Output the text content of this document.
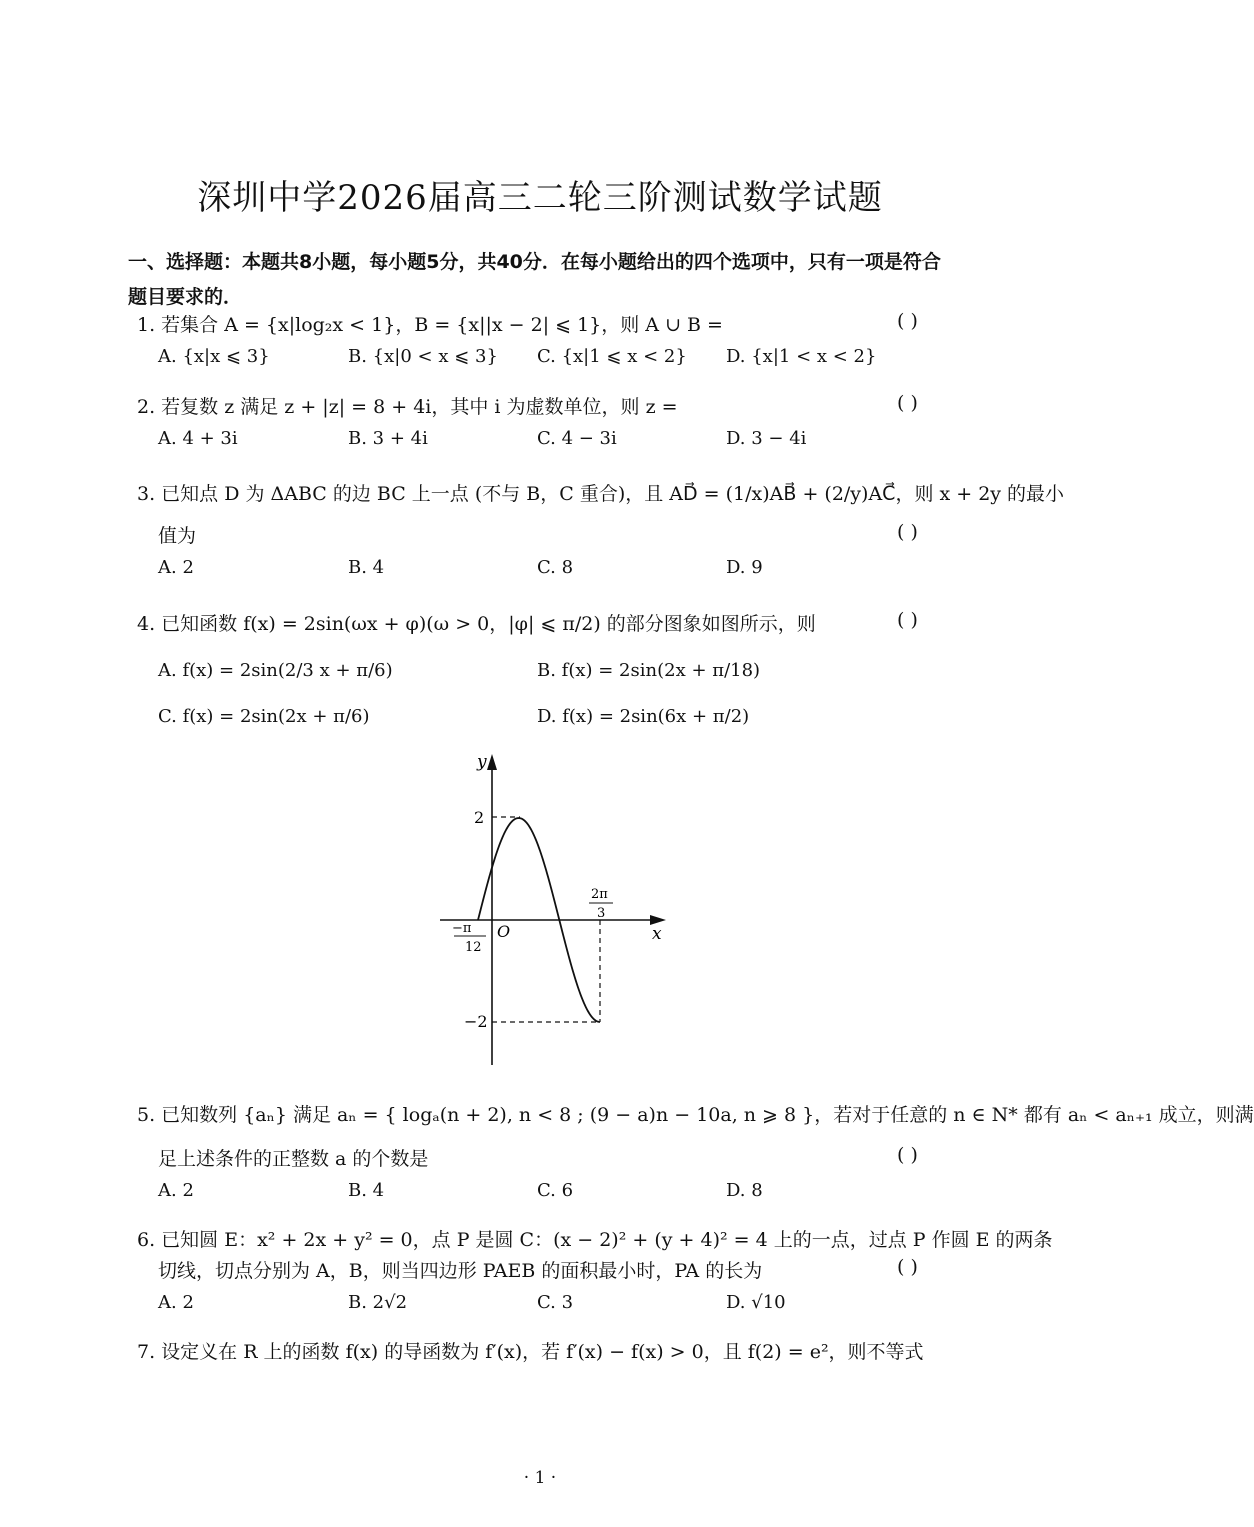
深圳中学2026届高三二轮三阶测试数学试题
一、选择题：本题共8小题，每小题5分，共40分．在每小题给出的四个选项中，只有一项是符合
题目要求的．
1. 若集合 A = {x|log₂x < 1}，B = {x||x − 2| ⩽ 1}，则 A ∪ B =	( )
A. {x|x ⩽ 3}	B. {x|0 < x ⩽ 3} C. {x|1 ⩽ x < 2} D. {x|1 < x < 2}
2. 若复数 z 满足 z + |z| = 8 + 4i，其中 i 为虚数单位，则 z =	( )
A. 4 + 3i	B. 3 + 4i	C. 4 − 3i	D. 3 − 4i
3. 已知点 D 为 ΔABC 的边 BC 上一点 (不与 B，C 重合)，且 AD⃗ = (1/x)AB⃗ + (2/y)AC⃗，则 x + 2y 的最小
值为	( )
A. 2	B. 4	C. 8	D. 9
4. 已知函数 f(x) = 2sin(ωx + φ)(ω > 0，|φ| ⩽ π/2) 的部分图象如图所示，则	( )
A. f(x) = 2sin(2/3 x + π/6)	B. f(x) = 2sin(2x + π/18)
C. f(x) = 2sin(2x + π/6)	D. f(x) = 2sin(6x + π/2)
y
x
O
2
−2
−π
12
2π
3
5. 已知数列 {aₙ} 满足 aₙ = { logₐ(n + 2), n < 8 ; (9 − a)n − 10a, n ⩾ 8 }，若对于任意的 n ∈ N* 都有 aₙ < aₙ₊₁ 成立，则满
足上述条件的正整数 a 的个数是	( )
A. 2	B. 4	C. 6	D. 8
6. 已知圆 E：x² + 2x + y² = 0，点 P 是圆 C：(x − 2)² + (y + 4)² = 4 上的一点，过点 P 作圆 E 的两条
切线，切点分别为 A，B，则当四边形 PAEB 的面积最小时，PA 的长为	( )
A. 2	B. 2√2	C. 3	D. √10
7. 设定义在 R 上的函数 f(x) 的导函数为 f′(x)，若 f′(x) − f(x) > 0，且 f(2) = e²，则不等式
· 1 ·
